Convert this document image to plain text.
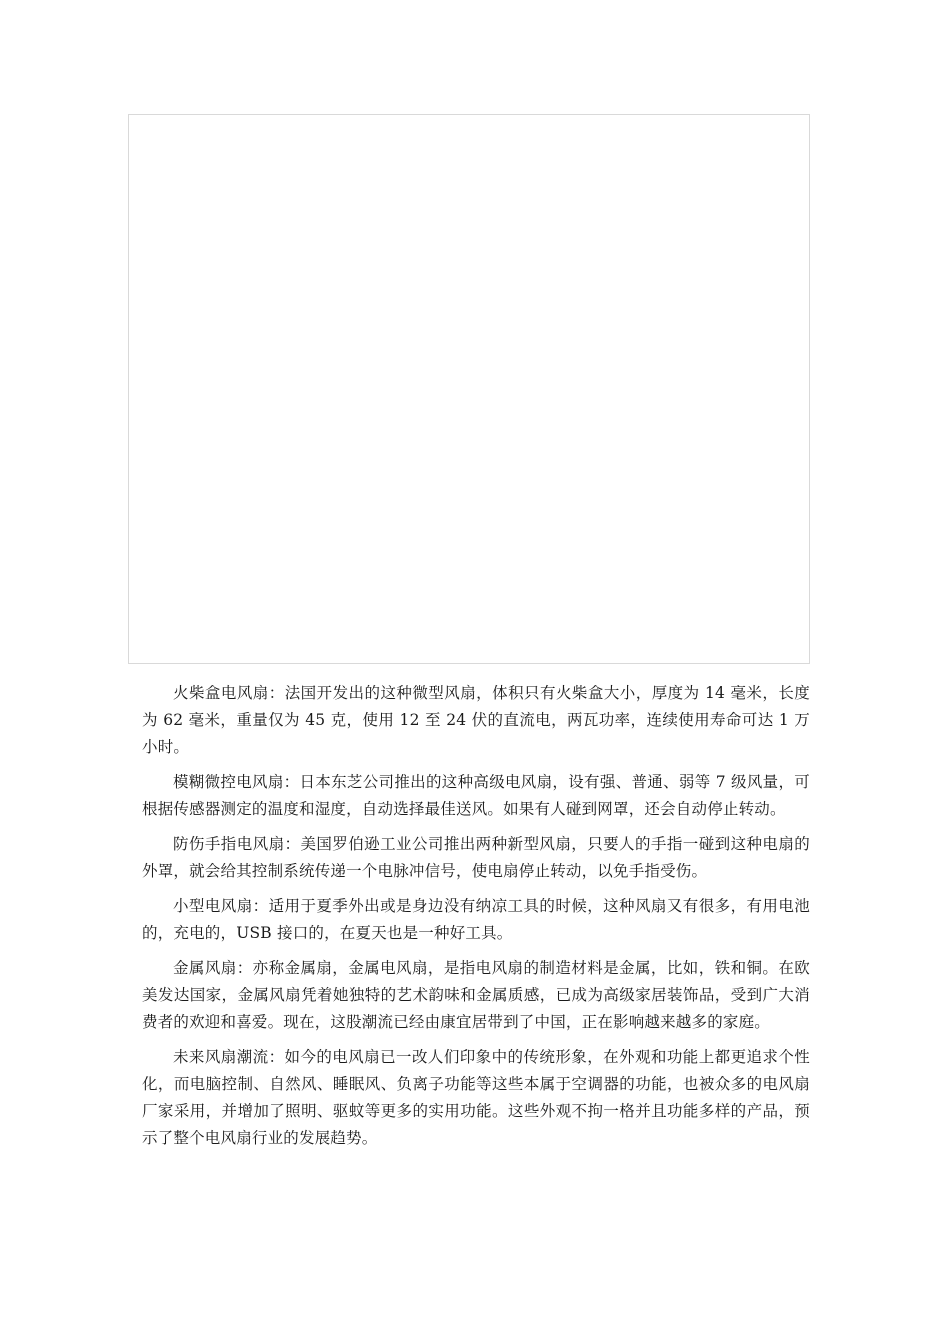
火柴盒电风扇：法国开发出的这种微型风扇，体积只有火柴盒大小，厚度为 14 毫米，长度为 62 毫米，重量仅为 45 克，使用 12 至 24 伏的直流电，两瓦功率，连续使用寿命可达 1 万小时。

模糊微控电风扇：日本东芝公司推出的这种高级电风扇，设有强、普通、弱等 7 级风量，可根据传感器测定的温度和湿度，自动选择最佳送风。如果有人碰到网罩，还会自动停止转动。

防伤手指电风扇：美国罗伯逊工业公司推出两种新型风扇，只要人的手指一碰到这种电扇的外罩，就会给其控制系统传递一个电脉冲信号，使电扇停止转动，以免手指受伤。

小型电风扇：适用于夏季外出或是身边没有纳凉工具的时候，这种风扇又有很多，有用电池的，充电的，USB 接口的，在夏天也是一种好工具。

金属风扇：亦称金属扇，金属电风扇，是指电风扇的制造材料是金属，比如，铁和铜。在欧美发达国家，金属风扇凭着她独特的艺术韵味和金属质感，已成为高级家居装饰品，受到广大消费者的欢迎和喜爱。现在，这股潮流已经由康宜居带到了中国，正在影响越来越多的家庭。

未来风扇潮流：如今的电风扇已一改人们印象中的传统形象，在外观和功能上都更追求个性化，而电脑控制、自然风、睡眠风、负离子功能等这些本属于空调器的功能，也被众多的电风扇厂家采用，并增加了照明、驱蚊等更多的实用功能。这些外观不拘一格并且功能多样的产品，预示了整个电风扇行业的发展趋势。
